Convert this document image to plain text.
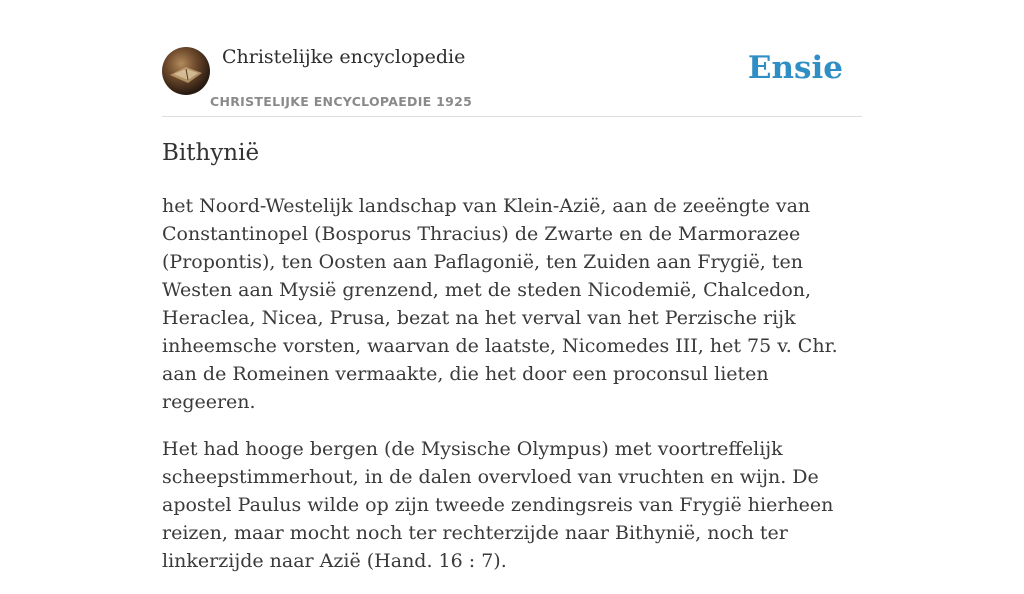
Christelijke encyclopedie
CHRISTELIJKE ENCYCLOPAEDIE 1925
Ensie
Bithynië

het Noord-Westelijk landschap van Klein-Azië, aan de zeeëngte van Constantinopel (Bosporus Thracius) de Zwarte en de Marmorazee (Propontis), ten Oosten aan Paflagonië, ten Zuiden aan Frygië, ten Westen aan Mysië grenzend, met de steden Nicodemië, Chalcedon, Heraclea, Nicea, Prusa, bezat na het verval van het Perzische rijk inheemsche vorsten, waarvan de laatste, Nicomedes III, het 75 v. Chr. aan de Romeinen vermaakte, die het door een proconsul lieten regeeren.

Het had hooge bergen (de Mysische Olympus) met voortreffelijk scheepstimmerhout, in de dalen overvloed van vruchten en wijn. De apostel Paulus wilde op zijn tweede zendingsreis van Frygië hierheen reizen, maar mocht noch ter rechterzijde naar Bithynië, noch ter linkerzijde naar Azië (Hand. 16 : 7).
